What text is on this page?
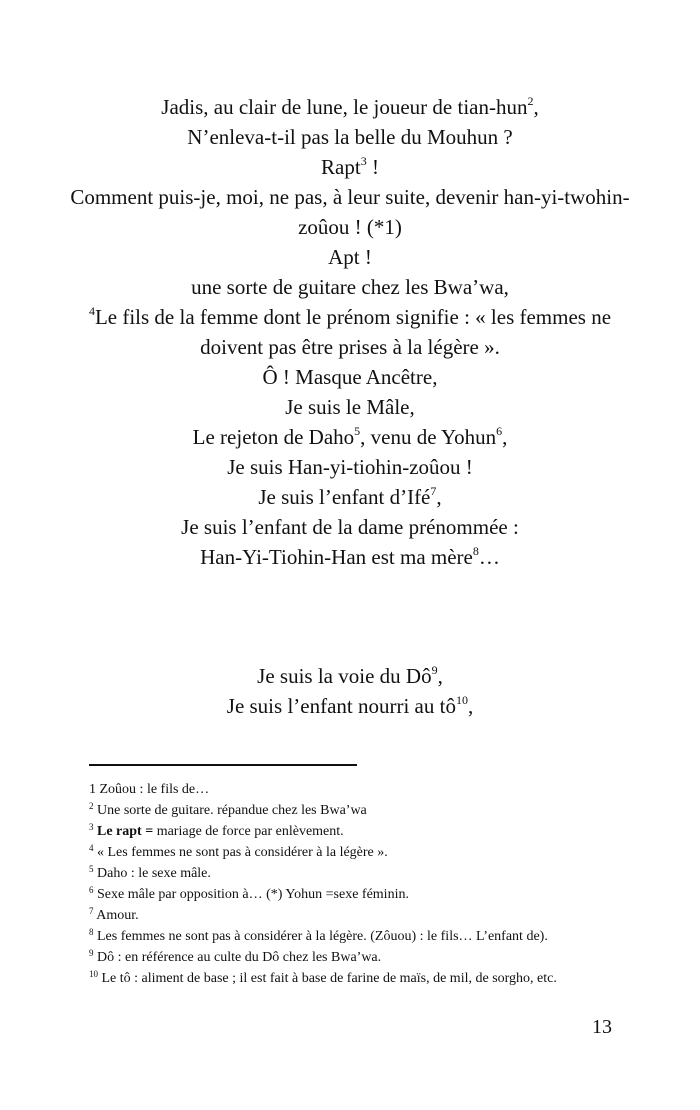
Jadis, au clair de lune, le joueur de tian-hun$^2$,
N’enleva-t-il pas la belle du Mouhun ?
Rapt$^3$ !
Comment puis-je, moi, ne pas, à leur suite, devenir han-yi-twohin-zoûou ! (*1)
Apt !
une sorte de guitare chez les Bwa’wa,
$^4$Le fils de la femme dont le prénom signifie : « les femmes ne doivent pas être prises à la légère ».
Ô ! Masque Ancêtre,
Je suis le Mâle,
Le rejeton de Daho$^5$, venu de Yohun$^6$,
Je suis Han-yi-tiohin-zoûou !
Je suis l’enfant d’Ifé$^7$,
Je suis l’enfant de la dame prénommée :
Han-Yi-Tiohin-Han est ma mère$^8$…
Je suis la voie du $Dô^9$,
Je suis l’enfant nourri au $tô^{10}$,
1 Zoûou : le fils de…
$^2$ Une sorte de guitare. répandue chez les Bwa’wa
$^3$ Le rapt = mariage de force par enlèvement.
$^4$ « Les femmes ne sont pas à considérer à la légère ».
$^5$ Daho : le sexe mâle.
$^6$ Sexe mâle par opposition à… (*) Yohun =sexe féminin.
$^7$ Amour.
$^8$ Les femmes ne sont pas à considérer à la légère. (Zôuou) : le fils… L’enfant de).
$^9$ Dô : en référence au culte du Dô chez les Bwa’wa.
$^{10}$ Le tô : aliment de base ; il est fait à base de farine de maïs, de mil, de sorgho, etc.
13
